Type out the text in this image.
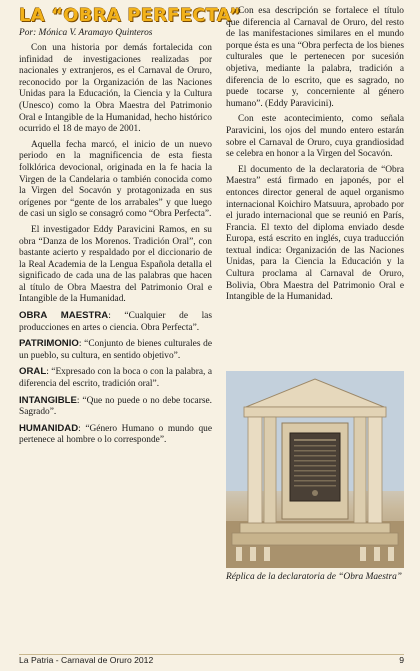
LA “OBRA PERFECTA”
Por: Mónica V. Aramayo Quinteros

Con una historia por demás fortalecida con infinidad de investigaciones realizadas por nacionales y extranjeros, es el Carnaval de Oruro, reconocido por la Organización de las Naciones Unidas para la Educación, la Ciencia y la Cultura (Unesco) como la Obra Maestra del Patrimonio Oral e Intangible de la Humanidad, hecho histórico ocurrido el 18 de mayo de 2001.

Aquella fecha marcó, el inicio de un nuevo periodo en la magnificencia de esta fiesta folklórica devocional, originada en la fe hacia la Virgen de la Candelaria o también conocida como la Virgen del Socavón y protagonizada en sus orígenes por “gente de los arrabales” y que luego de casi un siglo se consagró como “Obra Perfecta”.

El investigador Eddy Paravicini Ramos, en su obra “Danza de los Morenos. Tradición Oral”, con bastante acierto y respaldado por el diccionario de la Real Academia de la Lengua Española detalla el significado de cada una de las palabras que hacen al título de Obra Maestra del Patrimonio Oral e Intangible de la Humanidad.

OBRA MAESTRA: “Cualquier de las producciones en artes o ciencia. Obra Perfecta”.

PATRIMONIO: “Conjunto de bienes culturales de un pueblo, su cultura, en sentido objetivo”.

ORAL: “Expresado con la boca o con la palabra, a diferencia del escrito, tradición oral”.

INTANGIBLE: “Que no puede o no debe tocarse. Sagrado”.

HUMANIDAD: “Género Humano o mundo que pertenece al hombre o lo corresponde”.

Con esa descripción se fortalece el título que diferencia al Carnaval de Oruro, del resto de las manifestaciones similares en el mundo porque ésta es una “Obra perfecta de los bienes culturales que le pertenecen por sucesión objetiva, mediante la palabra, tradición a diferencia de lo escrito, que es sagrado, no puede tocarse y, concerniente al género humano”. (Eddy Paravicini).

Con este acontecimiento, como señala Paravicini, los ojos del mundo entero estarán sobre el Carnaval de Oruro, cuya grandiosidad se celebra en honor a la Virgen del Socavón.

El documento de la declaratoria de “Obra Maestra” está firmado en japonés, por el entonces director general de aquel organismo internacional Koichiro Matsuura, aprobado por el jurado internacional que se reunió en París, Francia. El texto del diploma enviado desde Europa, está escrito en inglés, cuya traducción textual indica: Organización de las Naciones Unidas, para la Ciencia la Educación y la Cultura proclama al Carnaval de Oruro, Bolivia, Obra Maestra del Patrimonio Oral e Intangible de la Humanidad.

Réplica de la declaratoria de “Obra Maestra”
La Patria - Carnaval de Oruro 2012	9
